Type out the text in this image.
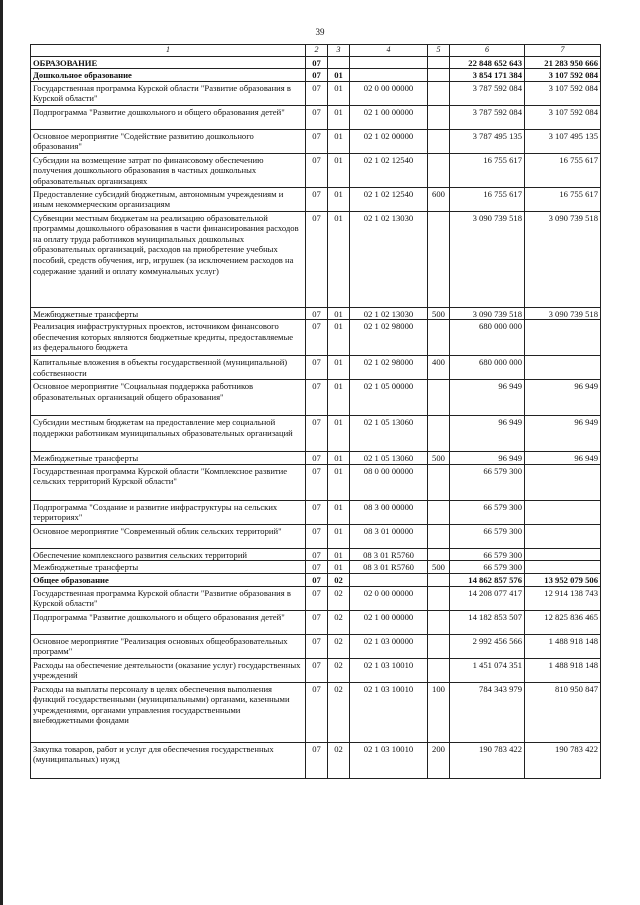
39
1	2	3	4	5	6	7
ОБРАЗОВАНИЕ	07				22 848 652 643	21 283 950 666
Дошкольное образование	07	01			3 854 171 384	3 107 592 084
Государственная программа Курской области "Развитие образования в Курской области"	07	01	02 0 00 00000		3 787 592 084	3 107 592 084
Подпрограмма "Развитие дошкольного и общего образования детей"	07	01	02 1 00 00000		3 787 592 084	3 107 592 084
Основное мероприятие "Содействие развитию дошкольного образования"	07	01	02 1 02 00000		3 787 495 135	3 107 495 135
Субсидии на возмещение затрат по финансовому обеспечению получения дошкольного образования в частных дошкольных образовательных организациях	07	01	02 1 02 12540		16 755 617	16 755 617
Предоставление субсидий бюджетным, автономным учреждениям и иным некоммерческим организациям	07	01	02 1 02 12540	600	16 755 617	16 755 617
Субвенции местным бюджетам на реализацию образовательной программы дошкольного образования в части финансирования расходов на оплату труда работников муниципальных дошкольных образовательных организаций, расходов на приобретение учебных пособий, средств обучения, игр, игрушек (за исключением расходов на содержание зданий и оплату коммунальных услуг)	07	01	02 1 02 13030		3 090 739 518	3 090 739 518
Межбюджетные трансферты	07	01	02 1 02 13030	500	3 090 739 518	3 090 739 518
Реализация инфраструктурных проектов, источником финансового обеспечения которых являются бюджетные кредиты, предоставляемые из федерального бюджета	07	01	02 1 02 98000		680 000 000	
Капитальные вложения в объекты государственной (муниципальной) собственности	07	01	02 1 02 98000	400	680 000 000	
Основное мероприятие "Социальная поддержка работников образовательных организаций общего образования"	07	01	02 1 05 00000		96 949	96 949
Субсидии местным бюджетам на предоставление мер социальной поддержки работникам муниципальных образовательных организаций	07	01	02 1 05 13060		96 949	96 949
Межбюджетные трансферты	07	01	02 1 05 13060	500	96 949	96 949
Государственная программа Курской области "Комплексное развитие сельских территорий Курской области"	07	01	08 0 00 00000		66 579 300	
Подпрограмма "Создание и развитие инфраструктуры на сельских территориях"	07	01	08 3 00 00000		66 579 300	
Основное мероприятие "Современный облик сельских территорий"	07	01	08 3 01 00000		66 579 300	
Обеспечение комплексного развития сельских территорий	07	01	08 3 01 R5760		66 579 300	
Межбюджетные трансферты	07	01	08 3 01 R5760	500	66 579 300	
Общее образование	07	02			14 862 857 576	13 952 079 506
Государственная программа Курской области "Развитие образования в Курской области"	07	02	02 0 00 00000		14 208 077 417	12 914 138 743
Подпрограмма "Развитие дошкольного и общего образования детей"	07	02	02 1 00 00000		14 182 853 507	12 825 836 465
Основное мероприятие "Реализация основных общеобразовательных программ"	07	02	02 1 03 00000		2 992 456 566	1 488 918 148
Расходы на обеспечение деятельности (оказание услуг) государственных учреждений	07	02	02 1 03 10010		1 451 074 351	1 488 918 148
Расходы на выплаты персоналу в целях обеспечения выполнения функций государственными (муниципальными) органами, казенными учреждениями, органами управления государственными внебюджетными фондами	07	02	02 1 03 10010	100	784 343 979	810 950 847
Закупка товаров, работ и услуг для обеспечения государственных (муниципальных) нужд	07	02	02 1 03 10010	200	190 783 422	190 783 422
